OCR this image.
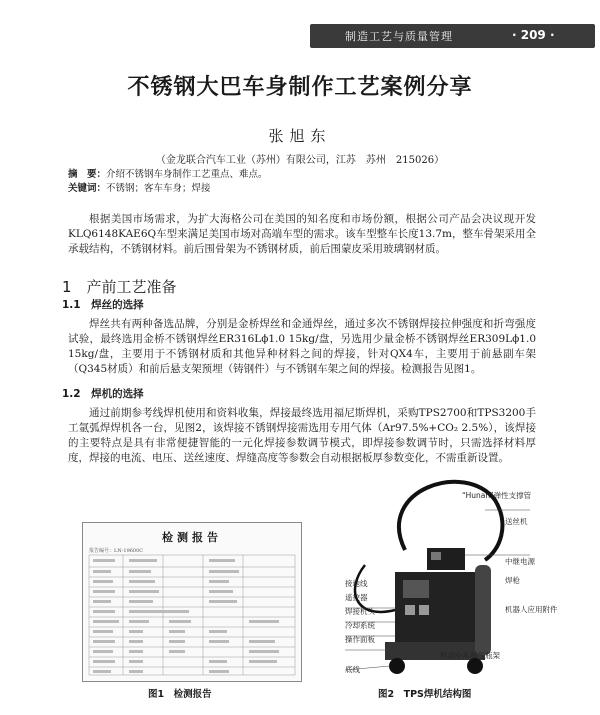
制造工艺与质量管理	· 209 ·
不锈钢大巴车身制作工艺案例分享
张旭东
（金龙联合汽车工业（苏州）有限公司，江苏　苏州　215026）
摘　要：介绍不锈钢车身制作工艺重点、难点。
关键词：不锈钢；客车车身；焊接
根据美国市场需求，为扩大海格公司在美国的知名度和市场份额，根据公司产品会决议现开发KLQ6148KAE6Q车型来满足美国市场对高端车型的需求。该车型整车长度13.7m，整车骨架采用全承载结构，不锈钢材料。前后围骨架为不锈钢材质，前后围蒙皮采用玻璃钢材质。
1　产前工艺准备
1.1　焊丝的选择
焊丝共有两种备选品牌，分别是金桥焊丝和金通焊丝，通过多次不锈钢焊接拉伸强度和折弯强度试验，最终选用金桥不锈钢焊丝ER316Lϕ1.0 15kg/盘，另选用少量金桥不锈钢焊丝ER309Lϕ1.0 15kg/盘，主要用于不锈钢材质和其他异种材料之间的焊接，针对QX4车，主要用于前悬副车架（Q345材质）和前后悬支架预埋（铸钢件）与不锈钢车架之间的焊接。检测报告见图1。
1.2　焊机的选择
通过前期参考线焊机使用和资料收集，焊接最终选用福尼斯焊机，采购TPS2700和TPS3200手工氩弧焊焊机各一台，见图2，该焊接不锈钢焊接需选用专用气体（Ar97.5%+CO₂ 2.5%），该焊接的主要特点是具有非常便捷智能的一元化焊接参数调节模式，即焊接参数调节时，只需选择材料厚度，焊接的电流、电压、送丝速度、焊缝高度等参数会自动根据板厚参数变化，不需重新设置。
检测报告
报告编号：LN-19600C
图1　检测报告
“Hunan”弹性支撑管
送丝机
中继电源
焊枪
机器人应用附件
遥控器
焊接机头
冷却系统
操作面板
底线
移动小车和气瓶架
接地线
图2　TPS焊机结构图
